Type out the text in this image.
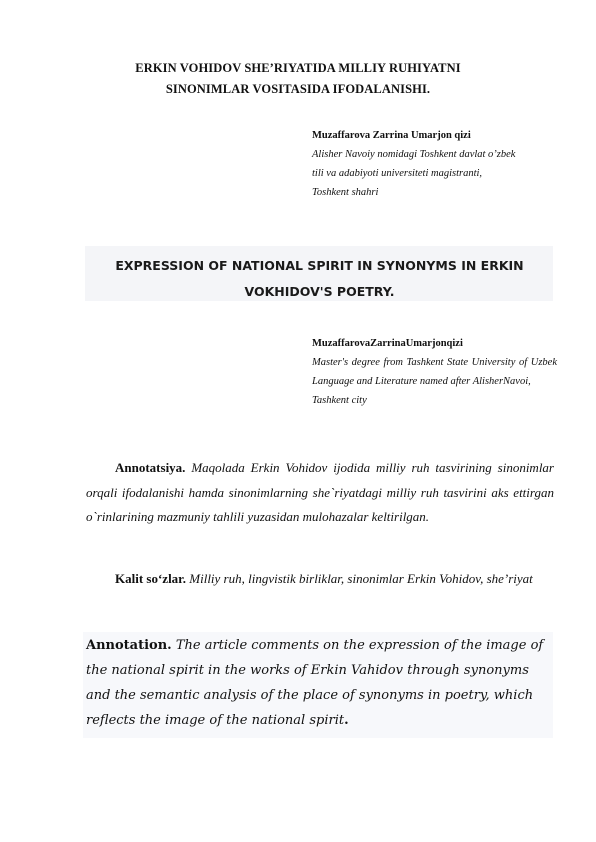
ERKIN VOHIDOV SHE’RIYATIDA MILLIY RUHIYATNI
SINONIMLAR VOSITASIDA IFODALANISHI.
Muzaffarova Zarrina Umarjon qizi
Alisher Navoiy nomidagi Toshkent davlat o’zbek
tili va adabiyoti universiteti magistranti,
Toshkent shahri
EXPRESSION OF NATIONAL SPIRIT IN SYNONYMS IN ERKIN
VOKHIDOV'S POETRY.
MuzaffarovaZarrinaUmarjonqizi
Master's degree from Tashkent State University of Uzbek Language and Literature named after AlisherNavoi,
Tashkent city
Annotatsiya. Maqolada Erkin Vohidov ijodida milliy ruh tasvirining sinonimlar orqali ifodalanishi hamda sinonimlarning she`riyatdagi milliy ruh tasvirini aks ettirgan o`rinlarining mazmuniy tahlili yuzasidan mulohazalar keltirilgan.
Kalit so‘zlar. Milliy ruh, lingvistik birliklar, sinonimlar Erkin Vohidov, she’riyat
Annotation. The article comments on the expression of the image of the national spirit in the works of Erkin Vahidov through synonyms and the semantic analysis of the place of synonyms in poetry, which reflects the image of the national spirit.
